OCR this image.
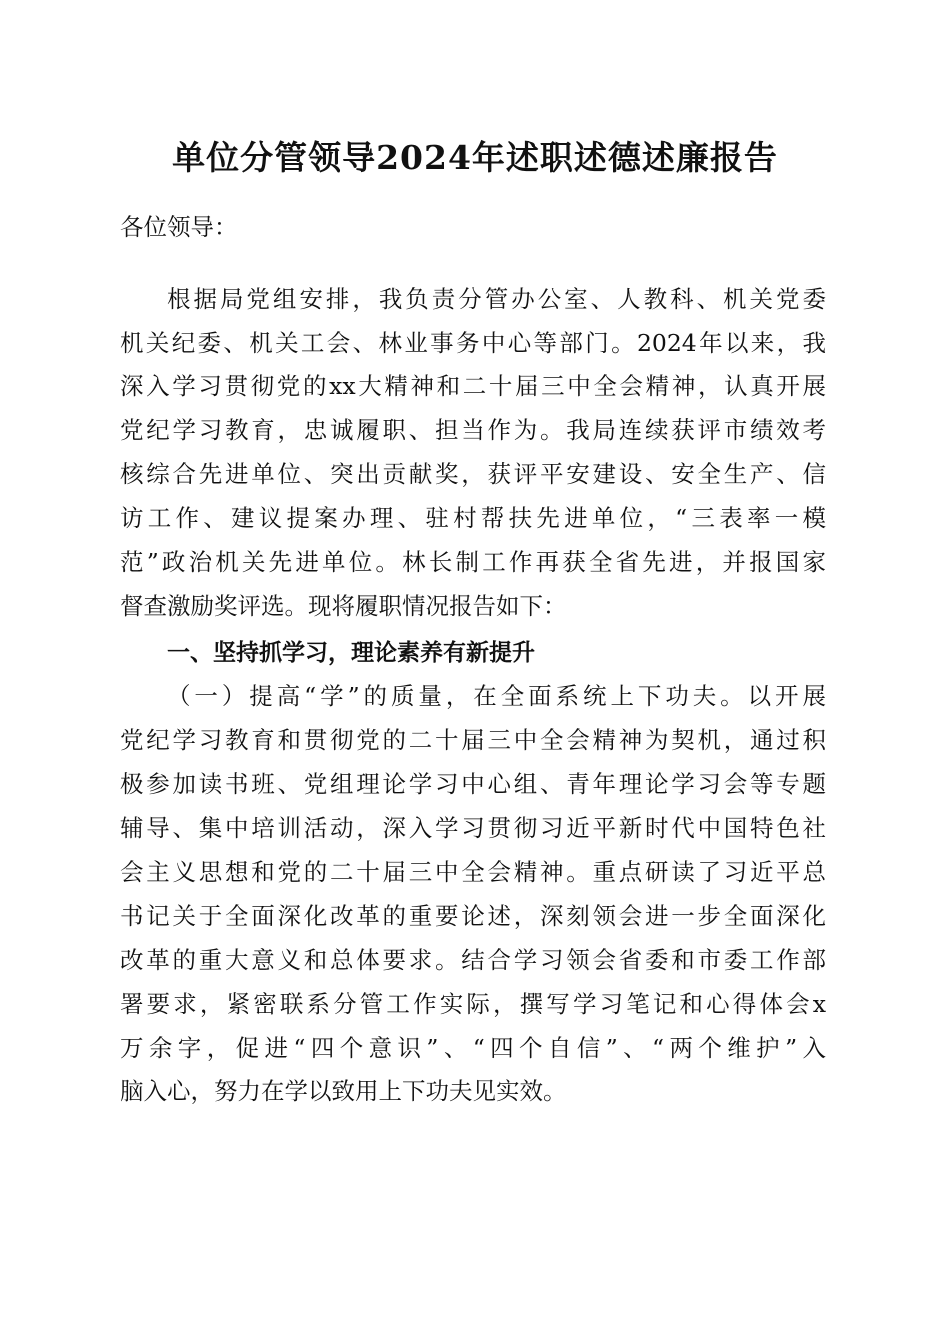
单位分管领导2024年述职述德述廉报告
各位领导：
根据局党组安排，我负责分管办公室、人教科、机关党委
机关纪委、机关工会、林业事务中心等部门。2024年以来，我
深入学习贯彻党的xx大精神和二十届三中全会精神，认真开展
党纪学习教育，忠诚履职、担当作为。我局连续获评市绩效考
核综合先进单位、突出贡献奖，获评平安建设、安全生产、信
访工作、建议提案办理、驻村帮扶先进单位，“三表率一模
范”政治机关先进单位。林长制工作再获全省先进，并报国家
督查激励奖评选。现将履职情况报告如下：
一、坚持抓学习，理论素养有新提升
（一）提高“学”的质量，在全面系统上下功夫。以开展
党纪学习教育和贯彻党的二十届三中全会精神为契机，通过积
极参加读书班、党组理论学习中心组、青年理论学习会等专题
辅导、集中培训活动，深入学习贯彻习近平新时代中国特色社
会主义思想和党的二十届三中全会精神。重点研读了习近平总
书记关于全面深化改革的重要论述，深刻领会进一步全面深化
改革的重大意义和总体要求。结合学习领会省委和市委工作部
署要求，紧密联系分管工作实际，撰写学习笔记和心得体会x
万余字，促进“四个意识”、“四个自信”、“两个维护”入
脑入心，努力在学以致用上下功夫见实效。
